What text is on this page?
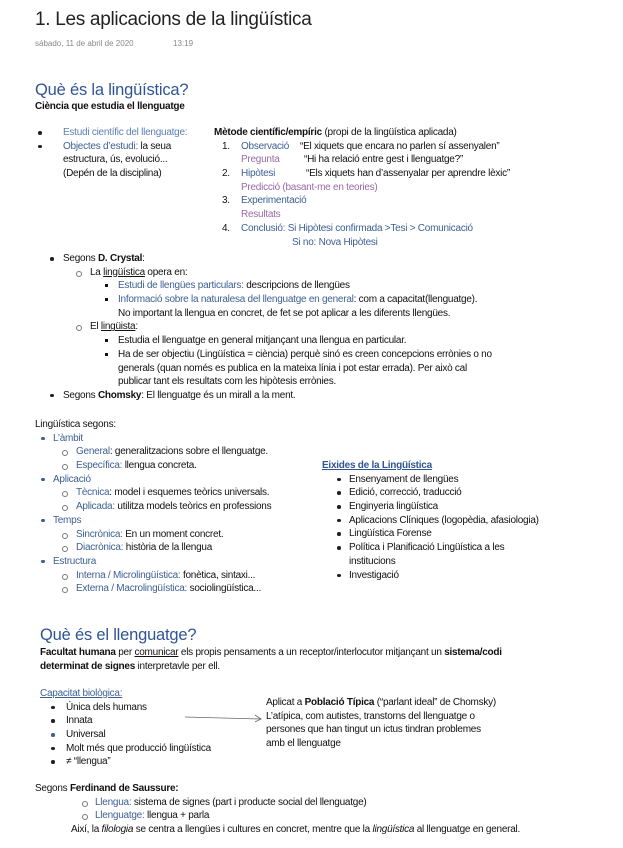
1. Les aplicacions de la lingüística
sábado, 11 de abril de 2020	13:19
Què és la lingüística?
Ciència que estudia el llenguatge
Estudi científic del llenguatge:
Objectes d’estudi: la seua
estructura, ús, evolució...
(Depén de la disciplina)
Mètode científic/empíric (propi de la lingüística aplicada)
1. Observació “El xiquets que encara no parlen sí assenyalen”
Pregunta “Hi ha relació entre gest i llenguatge?”
2. Hipòtesi	“Els xiquets han d’assenyalar per aprendre lèxic”
Predicció (basant-me en teories)
3. Experimentació
Resultats
4. Conclusió: Si Hipòtesi confirmada >Tesi > Comunicació
Si no: Nova Hipòtesi
Segons D. Crystal:
La lingüística opera en:
Estudi de llengües particulars: descripcions de llengües
Informació sobre la naturalesa del llenguatge en general: com a capacitat(llenguatge).
No important la llengua en concret, de fet se pot aplicar a les diferents llengües.
El lingüista:
Estudia el llenguatge en general mitjançant una llengua en particular.
Ha de ser objectiu (Lingüística = ciència) perquè sinó es creen concepcions errònies o no
generals (quan només es publica en la mateixa línia i pot estar errada). Per això cal
publicar tant els resultats com les hipòtesis errònies.
Segons Chomsky: El llenguatge és un mirall a la ment.
Lingüística segons:
L’àmbit
General: generalitzacions sobre el llenguatge.
Específica: llengua concreta.
Aplicació
Tècnica: model i esquemes teòrics universals.
Aplicada: utilitza models teòrics en professions
Temps
Sincrònica: En un moment concret.
Diacrònica: història de la llengua
Estructura
Interna / Microlingüística: fonètica, sintaxi...
Externa / Macrolingüística: sociolingüística...
Eixides de la Lingüística
Ensenyament de llengües
Edició, correcció, traducció
Enginyeria lingüística
Aplicacions Clíniques (logopèdia, afasiologia)
Lingüística Forense
Política i Planificació Lingüística a les
institucions
Investigació
Què és el llenguatge?
Facultat humana per comunicar els propis pensaments a un receptor/interlocutor mitjançant un sistema/codi
determinat de signes interpretavle per ell.
Capacitat biològica:
Única dels humans
Innata
Universal
Molt més que producció lingüística
≠ “llengua”
Aplicat a Població Típica (“parlant ideal” de Chomsky)
L’atípica, com autistes, transtorns del llenguatge o
persones que han tingut un ictus tindran problemes
amb el llenguatge
Segons Ferdinand de Saussure:
Llengua: sistema de signes (part i producte social del llenguatge)
Llenguatge: llengua + parla
Així, la filologia se centra a llengües i cultures en concret, mentre que la lingüística al llenguatge en general.
